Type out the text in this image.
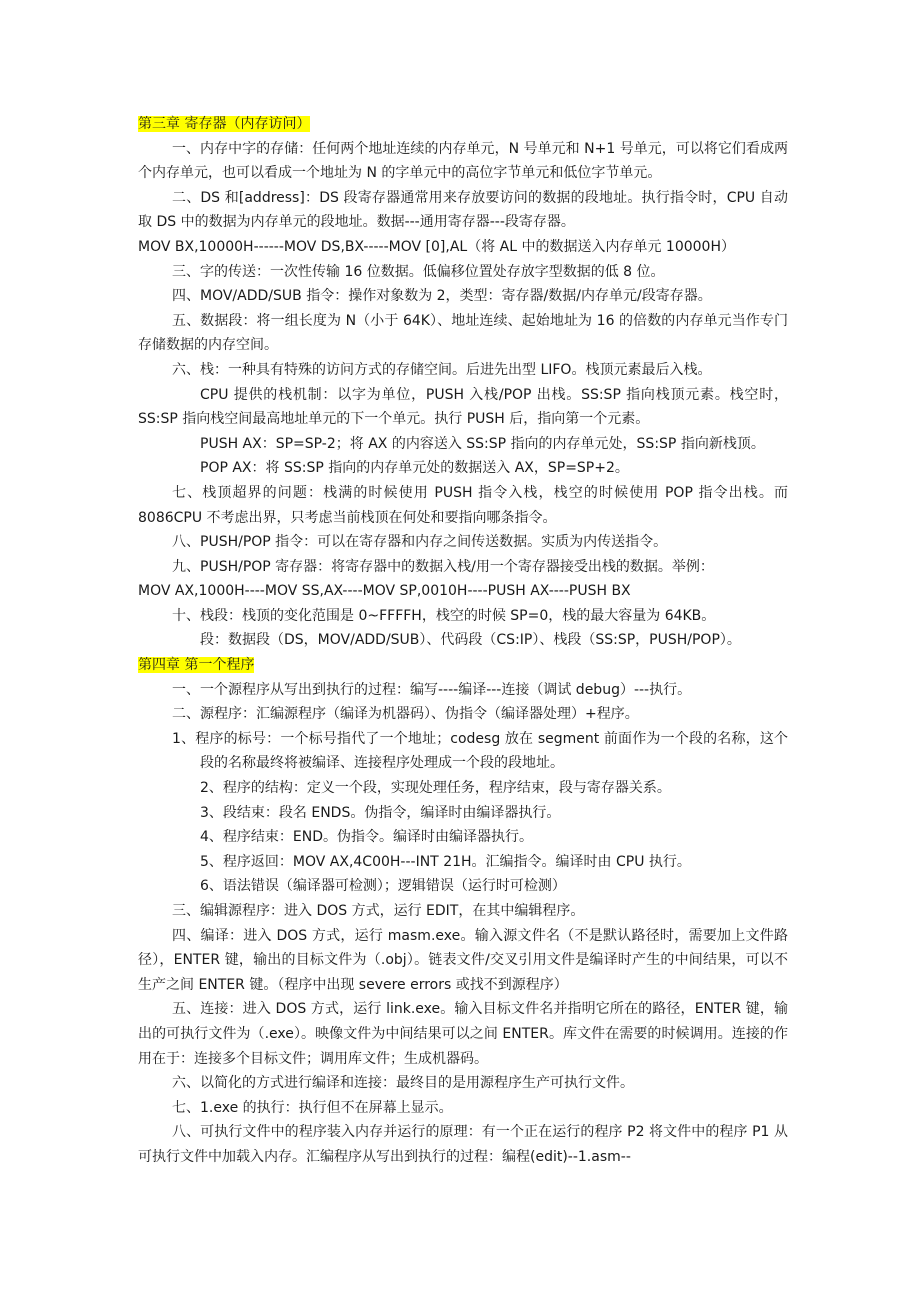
第三章 寄存器（内存访问）

一、内存中字的存储：任何两个地址连续的内存单元，N 号单元和 N+1 号单元，可以将它们看成两个内存单元，也可以看成一个地址为 N 的字单元中的高位字节单元和低位字节单元。

二、DS 和[address]：DS 段寄存器通常用来存放要访问的数据的段地址。执行指令时，CPU 自动取 DS 中的数据为内存单元的段地址。数据---通用寄存器---段寄存器。

MOV BX,10000H------MOV DS,BX-----MOV [0],AL（将 AL 中的数据送入内存单元 10000H）

三、字的传送：一次性传输 16 位数据。低偏移位置处存放字型数据的低 8 位。

四、MOV/ADD/SUB 指令：操作对象数为 2，类型：寄存器/数据/内存单元/段寄存器。

五、数据段：将一组长度为 N（小于 64K）、地址连续、起始地址为 16 的倍数的内存单元当作专门存储数据的内存空间。

六、栈：一种具有特殊的访问方式的存储空间。后进先出型 LIFO。栈顶元素最后入栈。

CPU 提供的栈机制：以字为单位，PUSH 入栈/POP 出栈。SS:SP 指向栈顶元素。栈空时，SS:SP 指向栈空间最高地址单元的下一个单元。执行 PUSH 后，指向第一个元素。

PUSH AX：SP=SP-2；将 AX 的内容送入 SS:SP 指向的内存单元处，SS:SP 指向新栈顶。

POP AX：将 SS:SP 指向的内存单元处的数据送入 AX，SP=SP+2。

七、栈顶超界的问题：栈满的时候使用 PUSH 指令入栈，栈空的时候使用 POP 指令出栈。而 8086CPU 不考虑出界，只考虑当前栈顶在何处和要指向哪条指令。

八、PUSH/POP 指令：可以在寄存器和内存之间传送数据。实质为内传送指令。

九、PUSH/POP 寄存器：将寄存器中的数据入栈/用一个寄存器接受出栈的数据。举例：

MOV AX,1000H----MOV SS,AX----MOV SP,0010H----PUSH AX----PUSH BX

十、栈段：栈顶的变化范围是 0~FFFFH，栈空的时候 SP=0，栈的最大容量为 64KB。

段：数据段（DS，MOV/ADD/SUB）、代码段（CS:IP）、栈段（SS:SP，PUSH/POP）。

第四章 第一个程序

一、一个源程序从写出到执行的过程：编写----编译---连接（调试 debug）---执行。

二、源程序：汇编源程序（编译为机器码）、伪指令（编译器处理）+程序。

1、程序的标号：一个标号指代了一个地址；codesg 放在 segment 前面作为一个段的名称，这个段的名称最终将被编译、连接程序处理成一个段的段地址。

2、程序的结构：定义一个段，实现处理任务，程序结束，段与寄存器关系。

3、段结束：段名 ENDS。伪指令，编译时由编译器执行。

4、程序结束：END。伪指令。编译时由编译器执行。

5、程序返回：MOV AX,4C00H---INT 21H。汇编指令。编译时由 CPU 执行。

6、语法错误（编译器可检测）；逻辑错误（运行时可检测）

三、编辑源程序：进入 DOS 方式，运行 EDIT，在其中编辑程序。

四、编译：进入 DOS 方式，运行 masm.exe。输入源文件名（不是默认路径时，需要加上文件路径），ENTER 键，输出的目标文件为（.obj）。链表文件/交叉引用文件是编译时产生的中间结果，可以不生产之间 ENTER 键。（程序中出现 severe errors 或找不到源程序）

五、连接：进入 DOS 方式，运行 link.exe。输入目标文件名并指明它所在的路径，ENTER 键，输出的可执行文件为（.exe）。映像文件为中间结果可以之间 ENTER。库文件在需要的时候调用。连接的作用在于：连接多个目标文件；调用库文件；生成机器码。

六、以简化的方式进行编译和连接：最终目的是用源程序生产可执行文件。

七、1.exe 的执行：执行但不在屏幕上显示。

八、可执行文件中的程序装入内存并运行的原理：有一个正在运行的程序 P2 将文件中的程序 P1 从可执行文件中加载入内存。汇编程序从写出到执行的过程：编程(edit)--1.asm--
